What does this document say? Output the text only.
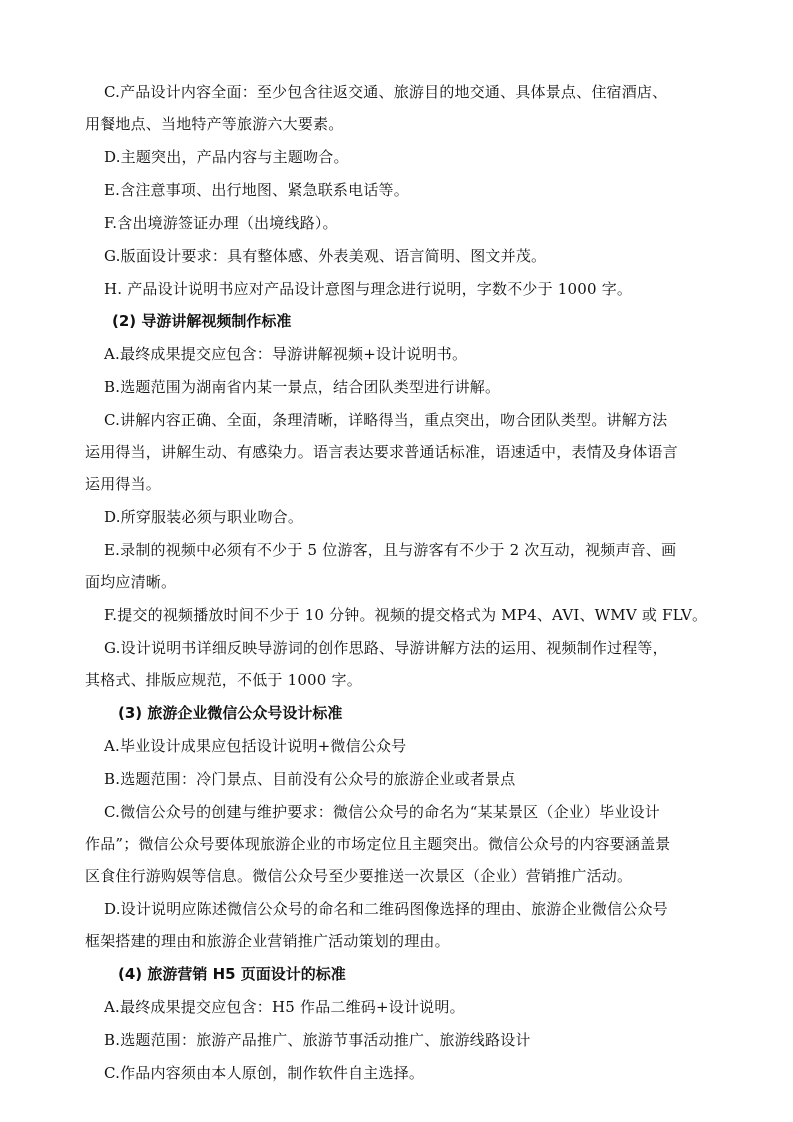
C.产品设计内容全面：至少包含往返交通、旅游目的地交通、具体景点、住宿酒店、
用餐地点、当地特产等旅游六大要素。
D.主题突出，产品内容与主题吻合。
E.含注意事项、出行地图、紧急联系电话等。
F.含出境游签证办理（出境线路）。
G.版面设计要求：具有整体感、外表美观、语言简明、图文并茂。
H. 产品设计说明书应对产品设计意图与理念进行说明，字数不少于 1000 字。
(2) 导游讲解视频制作标准
A.最终成果提交应包含：导游讲解视频+设计说明书。
B.选题范围为湖南省内某一景点，结合团队类型进行讲解。
C.讲解内容正确、全面，条理清晰，详略得当，重点突出，吻合团队类型。讲解方法
运用得当，讲解生动、有感染力。语言表达要求普通话标准，语速适中，表情及身体语言
运用得当。
D.所穿服装必须与职业吻合。
E.录制的视频中必须有不少于 5 位游客，且与游客有不少于 2 次互动，视频声音、画
面均应清晰。
F.提交的视频播放时间不少于 10 分钟。视频的提交格式为 MP4、AVI、WMV 或 FLV。
G.设计说明书详细反映导游词的创作思路、导游讲解方法的运用、视频制作过程等，
其格式、排版应规范，不低于 1000 字。
(3) 旅游企业微信公众号设计标准
A.毕业设计成果应包括设计说明+微信公众号
B.选题范围：冷门景点、目前没有公众号的旅游企业或者景点
C.微信公众号的创建与维护要求：微信公众号的命名为“某某景区（企业）毕业设计
作品”；微信公众号要体现旅游企业的市场定位且主题突出。微信公众号的内容要涵盖景
区食住行游购娱等信息。微信公众号至少要推送一次景区（企业）营销推广活动。
D.设计说明应陈述微信公众号的命名和二维码图像选择的理由、旅游企业微信公众号
框架搭建的理由和旅游企业营销推广活动策划的理由。
(4) 旅游营销 H5 页面设计的标准
A.最终成果提交应包含：H5 作品二维码+设计说明。
B.选题范围：旅游产品推广、旅游节事活动推广、旅游线路设计
C.作品内容须由本人原创，制作软件自主选择。
